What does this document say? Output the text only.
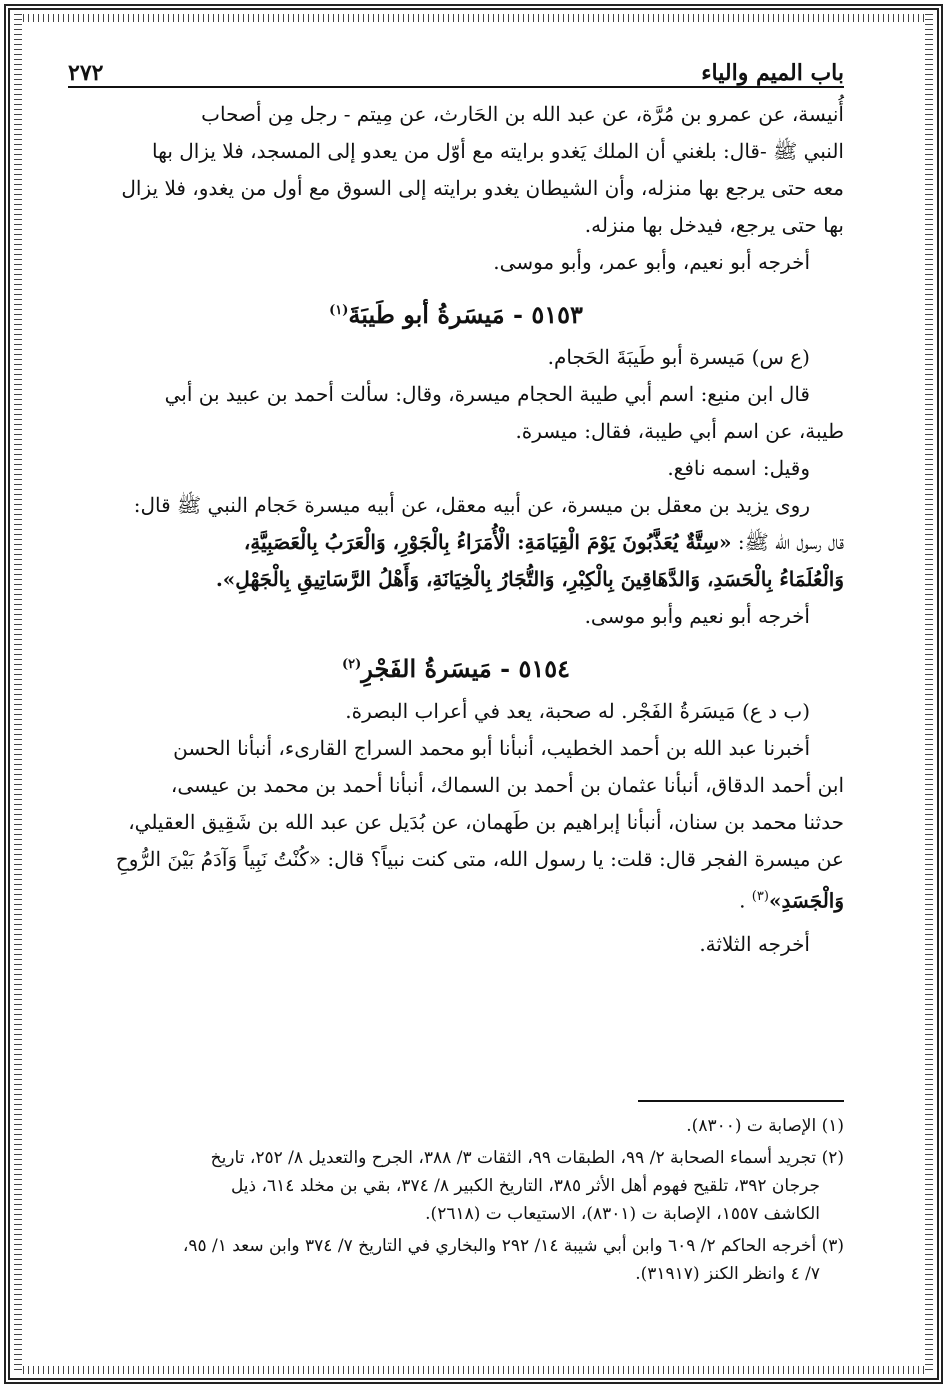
باب الميم والياء
٢٧٢

أُنيسة، عن عمرو بن مُرَّة، عن عبد الله بن الحَارث، عن مِيتم - رجل مِن أصحاب

النبي ﷺ -قال: بلغني أن الملك يَغدو برايته مع أوّل من يعدو إلى المسجد، فلا يزال بها

معه حتى يرجع بها منزله، وأن الشيطان يغدو برايته إلى السوق مع أول من يغدو، فلا يزال

بها حتى يرجع، فيدخل بها منزله.

أخرجه أبو نعيم، وأبو عمر، وأبو موسى.

٥١٥٣ - مَيسَرةُ أبو طَيبَةَ$^{(١)}$

(ع س) مَيسرة أبو طَيبَةَ الحَجام.

قال ابن منيع: اسم أبي طيبة الحجام ميسرة، وقال: سألت أحمد بن عبيد بن أبي

طيبة، عن اسم أبي طيبة، فقال: ميسرة.

وقيل: اسمه نافع.

روى يزيد بن معقل بن ميسرة، عن أبيه معقل، عن أبيه ميسرة حَجام النبي ﷺ قال:

قال رسول الله ﷺ: «سِتَّةٌ يُعَذَّبُونَ يَوْمَ الْقِيَامَةِ: الْأُمَرَاءُ بِالْجَوْرِ، وَالْعَرَبُ بِالْعَصَبِيَّةِ،

وَالْعُلَمَاءُ بِالْحَسَدِ، وَالدَّهَاقِينَ بِالْكِبْرِ، وَالتُّجَارُ بِالْخِيَانَةِ، وَأَهْلُ الرَّسَاتِيقِ بِالْجَهْلِ».

أخرجه أبو نعيم وأبو موسى.

٥١٥٤ - مَيسَرةُ الفَجْرِ$^{(٢)}$

(ب د ع) مَيسَرةُ الفَجْر. له صحبة، يعد في أعراب البصرة.

أخبرنا عبد الله بن أحمد الخطيب، أنبأنا أبو محمد السراج القارىء، أنبأنا الحسن

ابن أحمد الدقاق، أنبأنا عثمان بن أحمد بن السماك، أنبأنا أحمد بن محمد بن عيسى،

حدثنا محمد بن سنان، أنبأنا إبراهيم بن طَهمان، عن بُدَيل عن عبد الله بن شَقِيق العقيلي،

عن ميسرة الفجر قال: قلت: يا رسول الله، متى كنت نبياً؟ قال: «كُنْتُ نَبِياً وَآدَمُ بَيْنَ الرُّوحِ

وَالْجَسَدِ»$^{(٣)}$ .

أخرجه الثلاثة.

(١) الإصابة ت (٨٣٠٠).

(٢) تجريد أسماء الصحابة ٢/ ٩٩، الطبقات ٩٩، الثقات ٣/ ٣٨٨، الجرح والتعديل ٨/ ٢٥٢، تاريخ
جرجان ٣٩٢، تلقيح فهوم أهل الأثر ٣٨٥، التاريخ الكبير ٨/ ٣٧٤، بقي بن مخلد ٦١٤، ذيل
الكاشف ١٥٥٧، الإصابة ت (٨٣٠١)، الاستيعاب ت (٢٦١٨).

(٣) أخرجه الحاكم ٢/ ٦٠٩ وابن أبي شيبة ١٤/ ٢٩٢ والبخاري في التاريخ ٧/ ٣٧٤ وابن سعد ١/ ٩٥،
٧/ ٤ وانظر الكنز (٣١٩١٧).
